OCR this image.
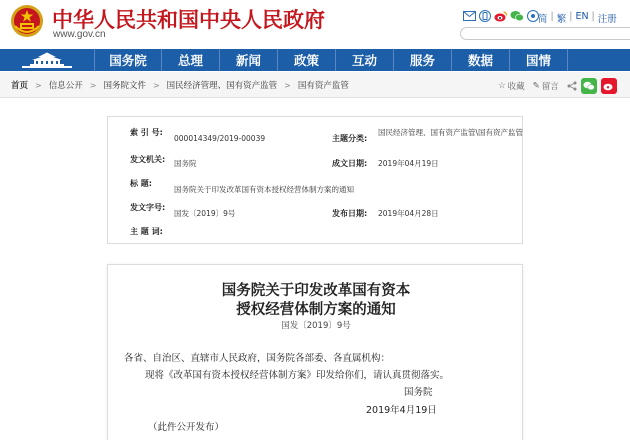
中华人民共和国中央人民政府
www.gov.cn
简 | 繁 | EN | 注册
国务院	总理	新闻	政策	互动	服务	数据	国情
首页 > 信息公开 > 国务院文件 > 国民经济管理、国有资产监管 > 国有资产监管	☆ 收藏 ✎ 留言
索 引 号:
000014349/2019-00039	主题分类:
国民经济管理、国有资产监管\国有资产监管
发文机关: 国务院	成文日期: 2019年04月19日
标 题:
国务院关于印发改革国有资本授权经营体制方案的通知
发文字号:
国发〔2019〕9号	发布日期: 2019年04月28日
主 题 词:
国务院关于印发改革国有资本
授权经营体制方案的通知
国发〔2019〕9号
各省、自治区、直辖市人民政府，国务院各部委、各直属机构：
现将《改革国有资本授权经营体制方案》印发给你们，请认真贯彻落实。
国务院
2019年4月19日
（此件公开发布）
